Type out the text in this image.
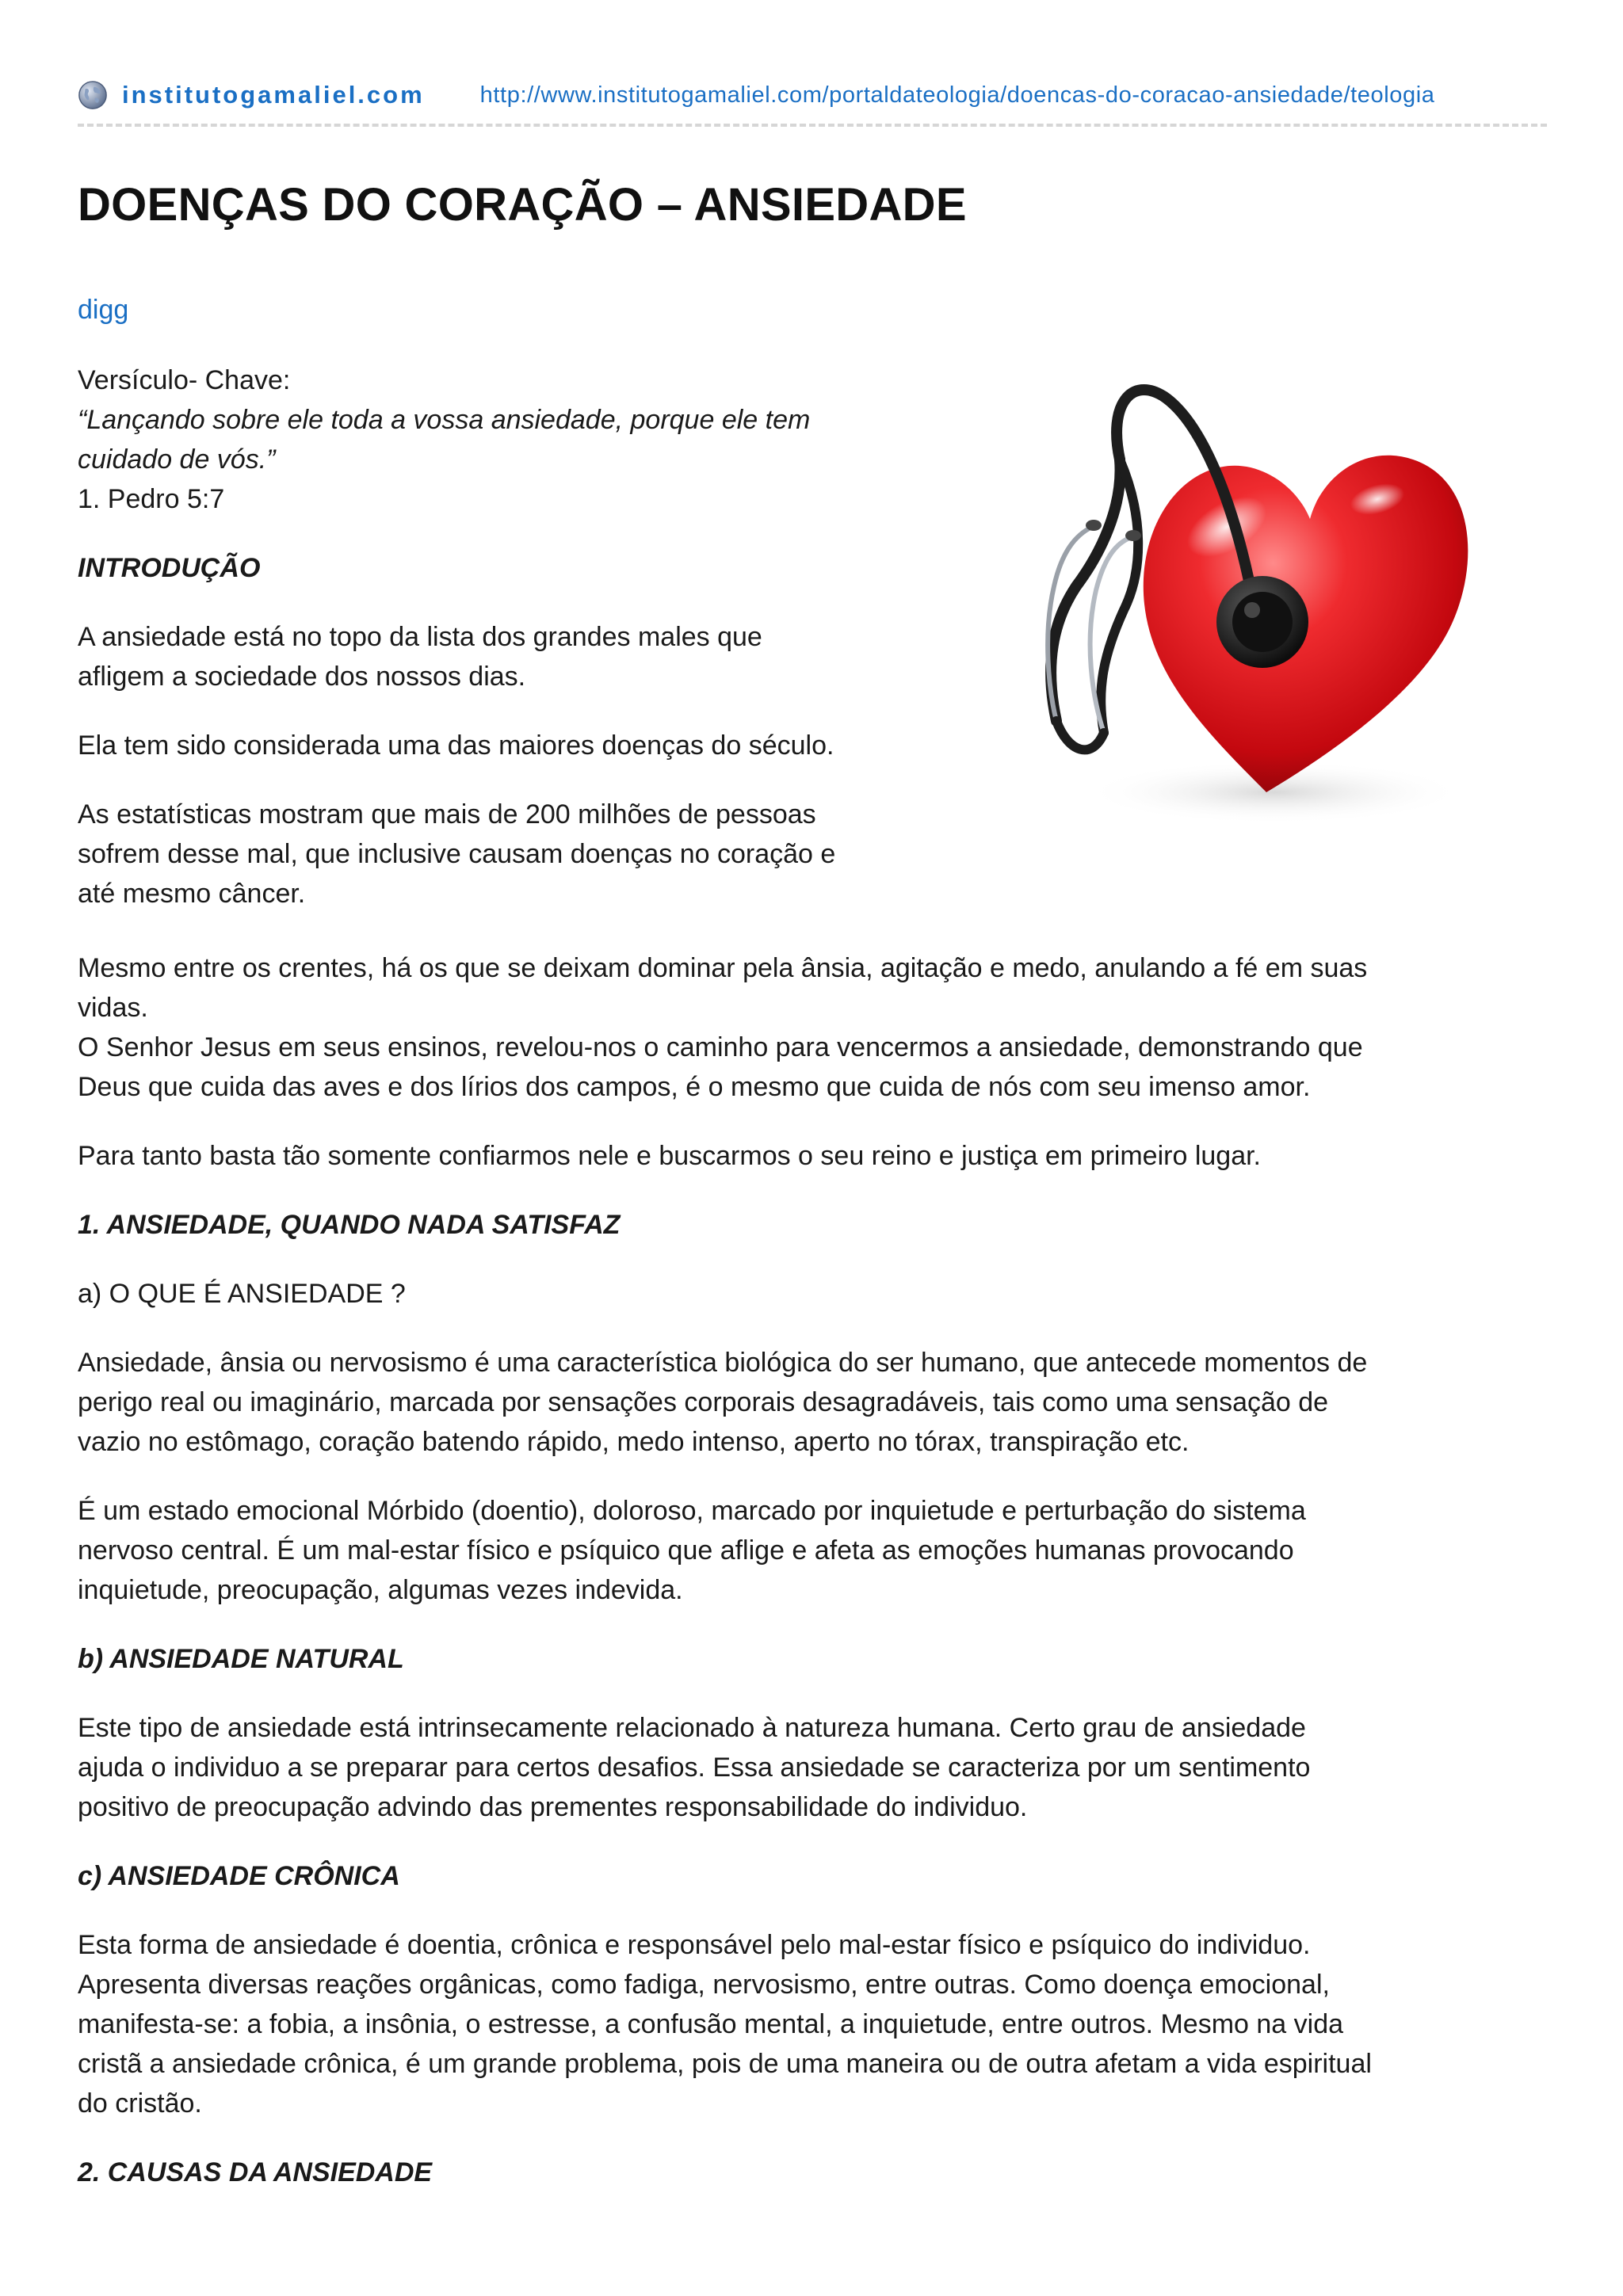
institutogamaliel.com http://www.institutogamaliel.com/portaldateologia/doencas-do-coracao-ansiedade/teologia
DOENÇAS DO CORAÇÃO – ANSIEDADE
digg

Versículo- Chave:
“Lançando sobre ele toda a vossa ansiedade, porque ele tem
cuidado de vós.”
1. Pedro 5:7

INTRODUÇÃO

A ansiedade está no topo da lista dos grandes males que
afligem a sociedade dos nossos dias.

Ela tem sido considerada uma das maiores doenças do século.

As estatísticas mostram que mais de 200 milhões de pessoas
sofrem desse mal, que inclusive causam doenças no coração e
até mesmo câncer.

Mesmo entre os crentes, há os que se deixam dominar pela ânsia, agitação e medo, anulando a fé em suas
vidas.
O Senhor Jesus em seus ensinos, revelou-nos o caminho para vencermos a ansiedade, demonstrando que
Deus que cuida das aves e dos lírios dos campos, é o mesmo que cuida de nós com seu imenso amor.

Para tanto basta tão somente confiarmos nele e buscarmos o seu reino e justiça em primeiro lugar.

1. ANSIEDADE, QUANDO NADA SATISFAZ

a) O QUE É ANSIEDADE ?

Ansiedade, ânsia ou nervosismo é uma característica biológica do ser humano, que antecede momentos de
perigo real ou imaginário, marcada por sensações corporais desagradáveis, tais como uma sensação de
vazio no estômago, coração batendo rápido, medo intenso, aperto no tórax, transpiração etc.

É um estado emocional Mórbido (doentio), doloroso, marcado por inquietude e perturbação do sistema
nervoso central. É um mal-estar físico e psíquico que aflige e afeta as emoções humanas provocando
inquietude, preocupação, algumas vezes indevida.

b) ANSIEDADE NATURAL

Este tipo de ansiedade está intrinsecamente relacionado à natureza humana. Certo grau de ansiedade
ajuda o individuo a se preparar para certos desafios. Essa ansiedade se caracteriza por um sentimento
positivo de preocupação advindo das prementes responsabilidade do individuo.

c) ANSIEDADE CRÔNICA

Esta forma de ansiedade é doentia, crônica e responsável pelo mal-estar físico e psíquico do individuo.
Apresenta diversas reações orgânicas, como fadiga, nervosismo, entre outras. Como doença emocional,
manifesta-se: a fobia, a insônia, o estresse, a confusão mental, a inquietude, entre outros. Mesmo na vida
cristã a ansiedade crônica, é um grande problema, pois de uma maneira ou de outra afetam a vida espiritual
do cristão.

2. CAUSAS DA ANSIEDADE
